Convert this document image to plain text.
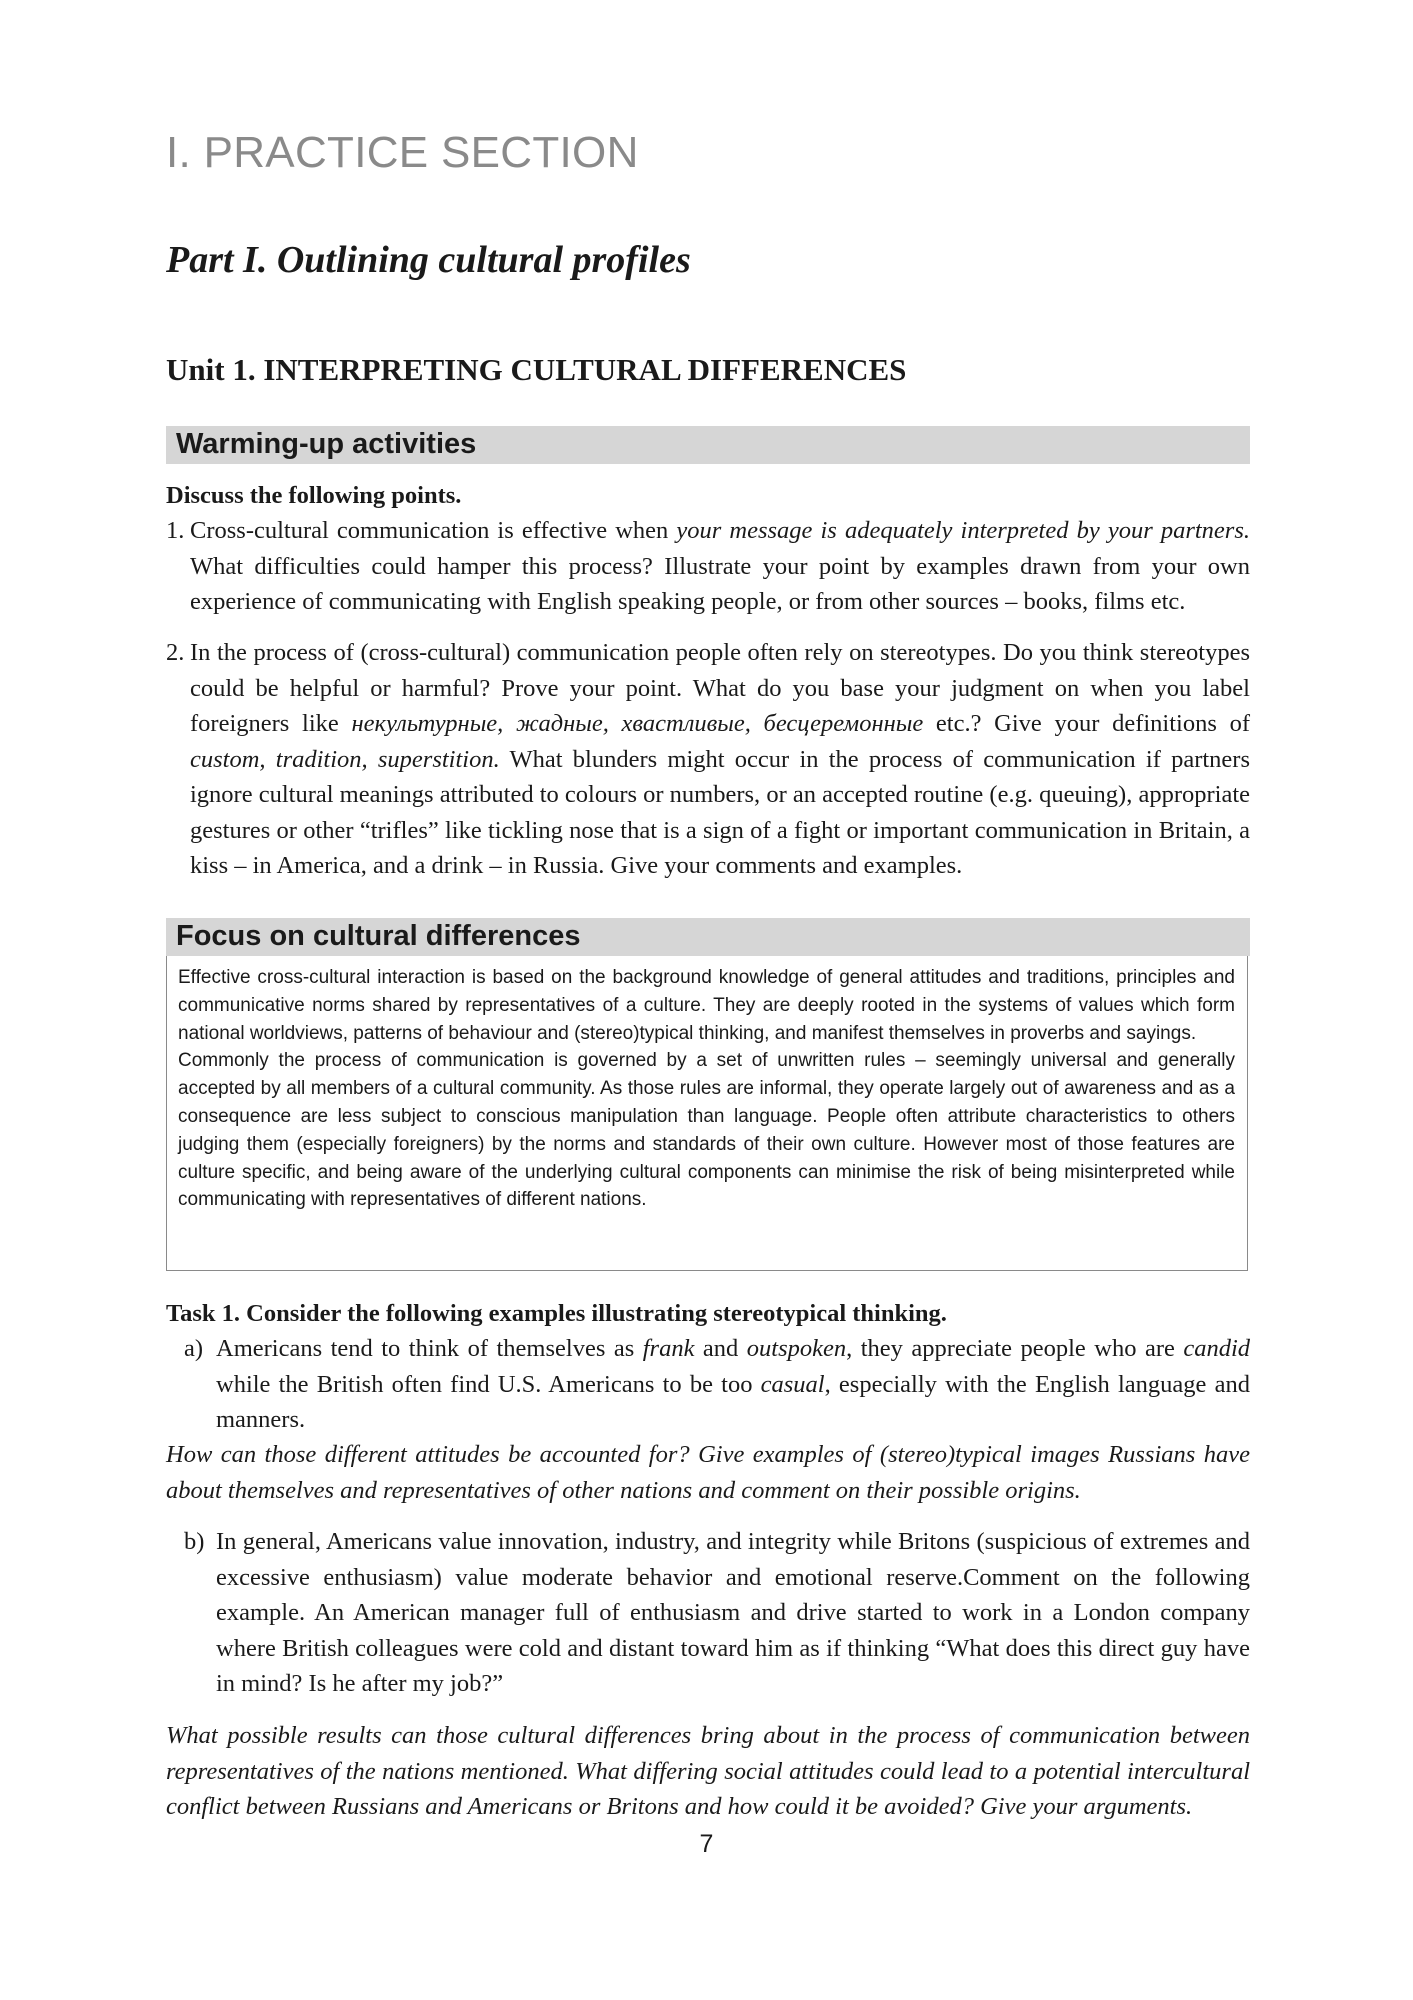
I. PRACTICE SECTION
Part I. Outlining cultural profiles
Unit 1. INTERPRETING CULTURAL DIFFERENCES
Warming-up activities
Discuss the following points.
1. Cross-cultural communication is effective when your message is adequately interpreted by your partners. What difficulties could hamper this process? Illustrate your point by examples drawn from your own experience of communicating with English speaking people, or from other sources – books, films etc.
2. In the process of (cross-cultural) communication people often rely on stereotypes. Do you think stereotypes could be helpful or harmful? Prove your point. What do you base your judgment on when you label foreigners like некультурные, жадные, хвастливые, бесцеремонные etc.? Give your definitions of custom, tradition, superstition. What blunders might occur in the process of communication if partners ignore cultural meanings attributed to colours or numbers, or an accepted routine (e.g. queuing), appropriate gestures or other “trifles” like tickling nose that is a sign of a fight or important communication in Britain, a kiss – in America, and a drink – in Russia. Give your comments and examples.
Focus on cultural differences

Effective cross-cultural interaction is based on the background knowledge of general attitudes and traditions, principles and communicative norms shared by representatives of a culture. They are deeply rooted in the systems of values which form national worldviews, patterns of behaviour and (stereo)typical thinking, and manifest themselves in proverbs and sayings.

Commonly the process of communication is governed by a set of unwritten rules – seemingly universal and generally accepted by all members of a cultural community. As those rules are informal, they operate largely out of awareness and as a consequence are less subject to conscious manipulation than language. People often attribute characteristics to others judging them (especially foreigners) by the norms and standards of their own culture. However most of those features are culture specific, and being aware of the underlying cultural components can minimise the risk of being misinterpreted while communicating with representatives of different nations.

Task 1. Consider the following examples illustrating stereotypical thinking.
a) Americans tend to think of themselves as frank and outspoken, they appreciate people who are candid while the British often find U.S. Americans to be too casual, especially with the English language and manners.
How can those different attitudes be accounted for? Give examples of (stereo)typical images Russians have about themselves and representatives of other nations and comment on their possible origins.
b) In general, Americans value innovation, industry, and integrity while Britons (suspicious of extremes and excessive enthusiasm) value moderate behavior and emotional reserve.Comment on the following example. An American manager full of enthusiasm and drive started to work in a London company where British colleagues were cold and distant toward him as if thinking “What does this direct guy have in mind? Is he after my job?”
What possible results can those cultural differences bring about in the process of communication between representatives of the nations mentioned. What differing social attitudes could lead to a potential intercultural conflict between Russians and Americans or Britons and how could it be avoided? Give your arguments.
7
